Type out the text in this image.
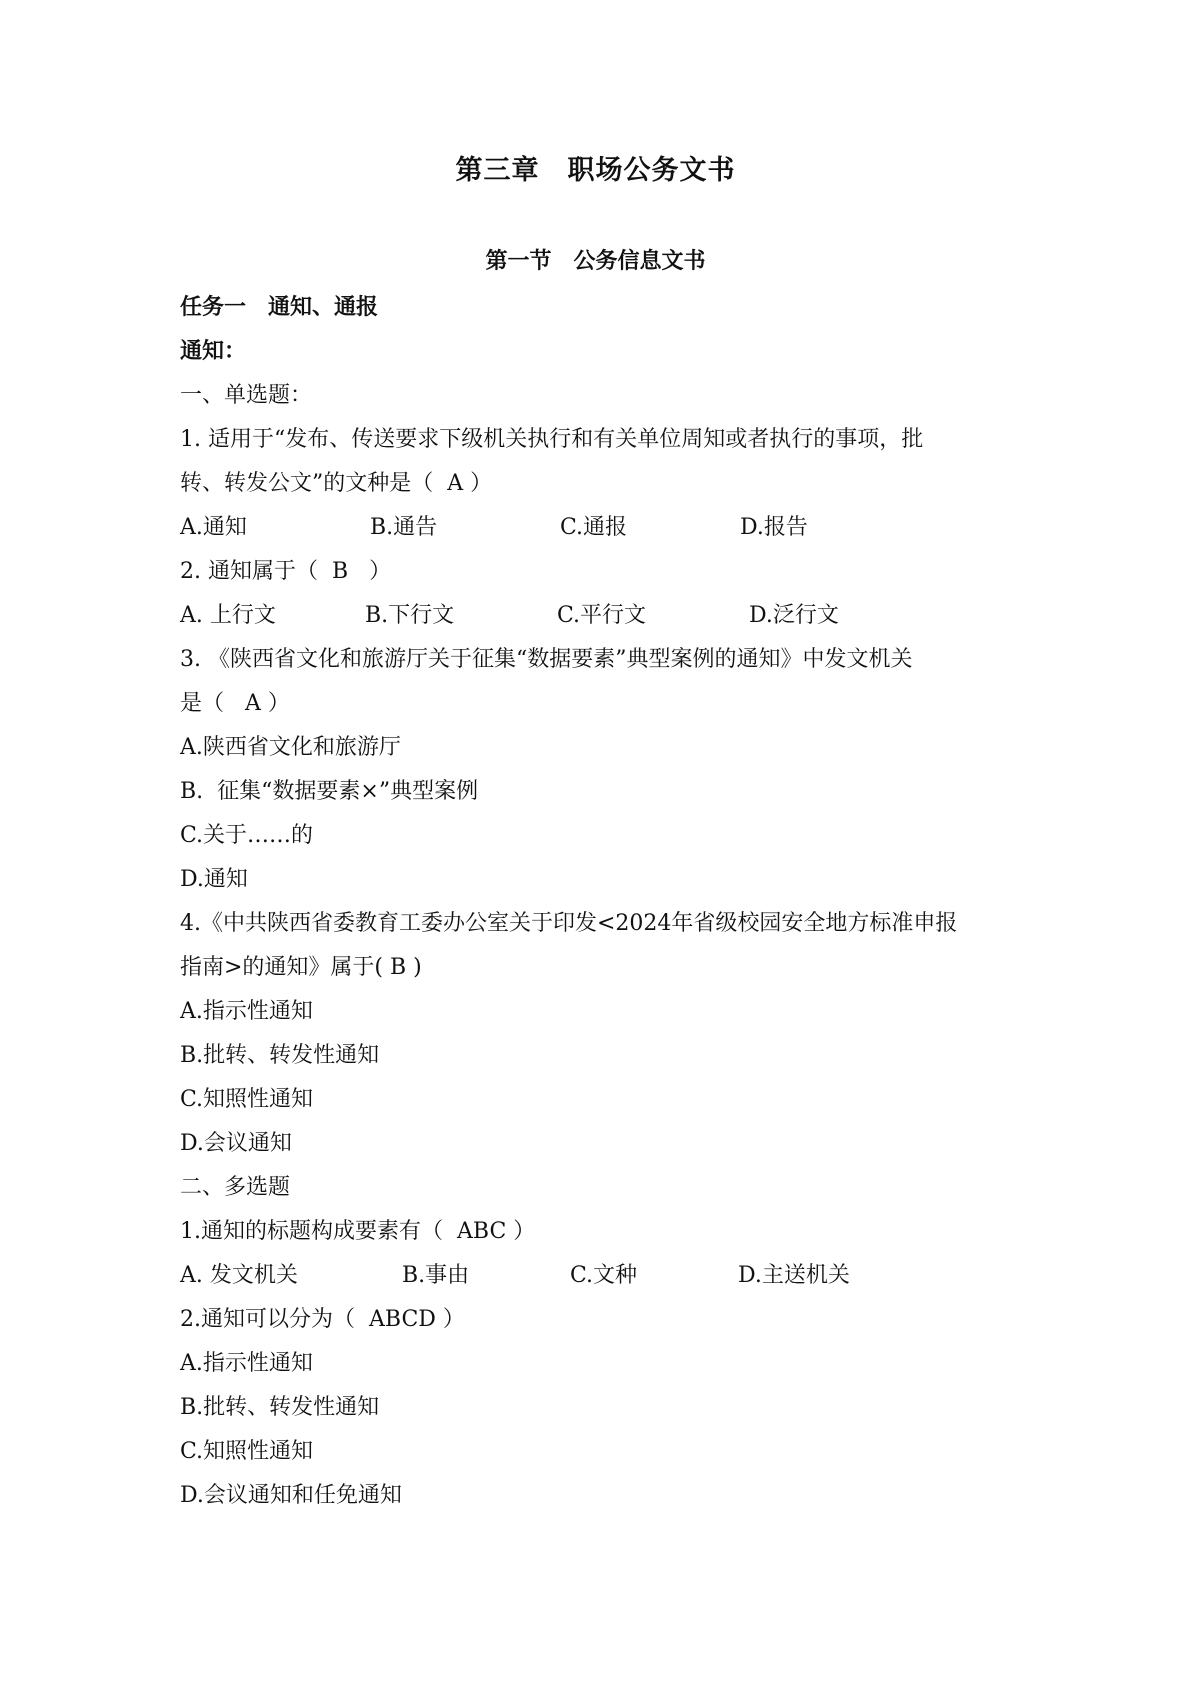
第三章　职场公务文书
第一节　公务信息文书
任务一　通知、通报
通知：
一、单选题：
1. 适用于“发布、传送要求下级机关执行和有关单位周知或者执行的事项，批
转、转发公文”的文种是（  A ）
A.通知	B.通告	C.通报	D.报告
2. 通知属于（  B   ）
A. 上行文	B.下行文	C.平行文	D.泛行文
3. 《陕西省文化和旅游厅关于征集“数据要素”典型案例的通知》中发文机关
是（   A ）
A.陕西省文化和旅游厅
B.  征集“数据要素×”典型案例
C.关于……的
D.通知
4.《中共陕西省委教育工委办公室关于印发<2024年省级校园安全地方标准申报
指南>的通知》属于( B )
A.指示性通知
B.批转、转发性通知
C.知照性通知
D.会议通知
二、多选题
1.通知的标题构成要素有（  ABC ）
A. 发文机关	B.事由	C.文种	D.主送机关
2.通知可以分为（  ABCD ）
A.指示性通知
B.批转、转发性通知
C.知照性通知
D.会议通知和任免通知
